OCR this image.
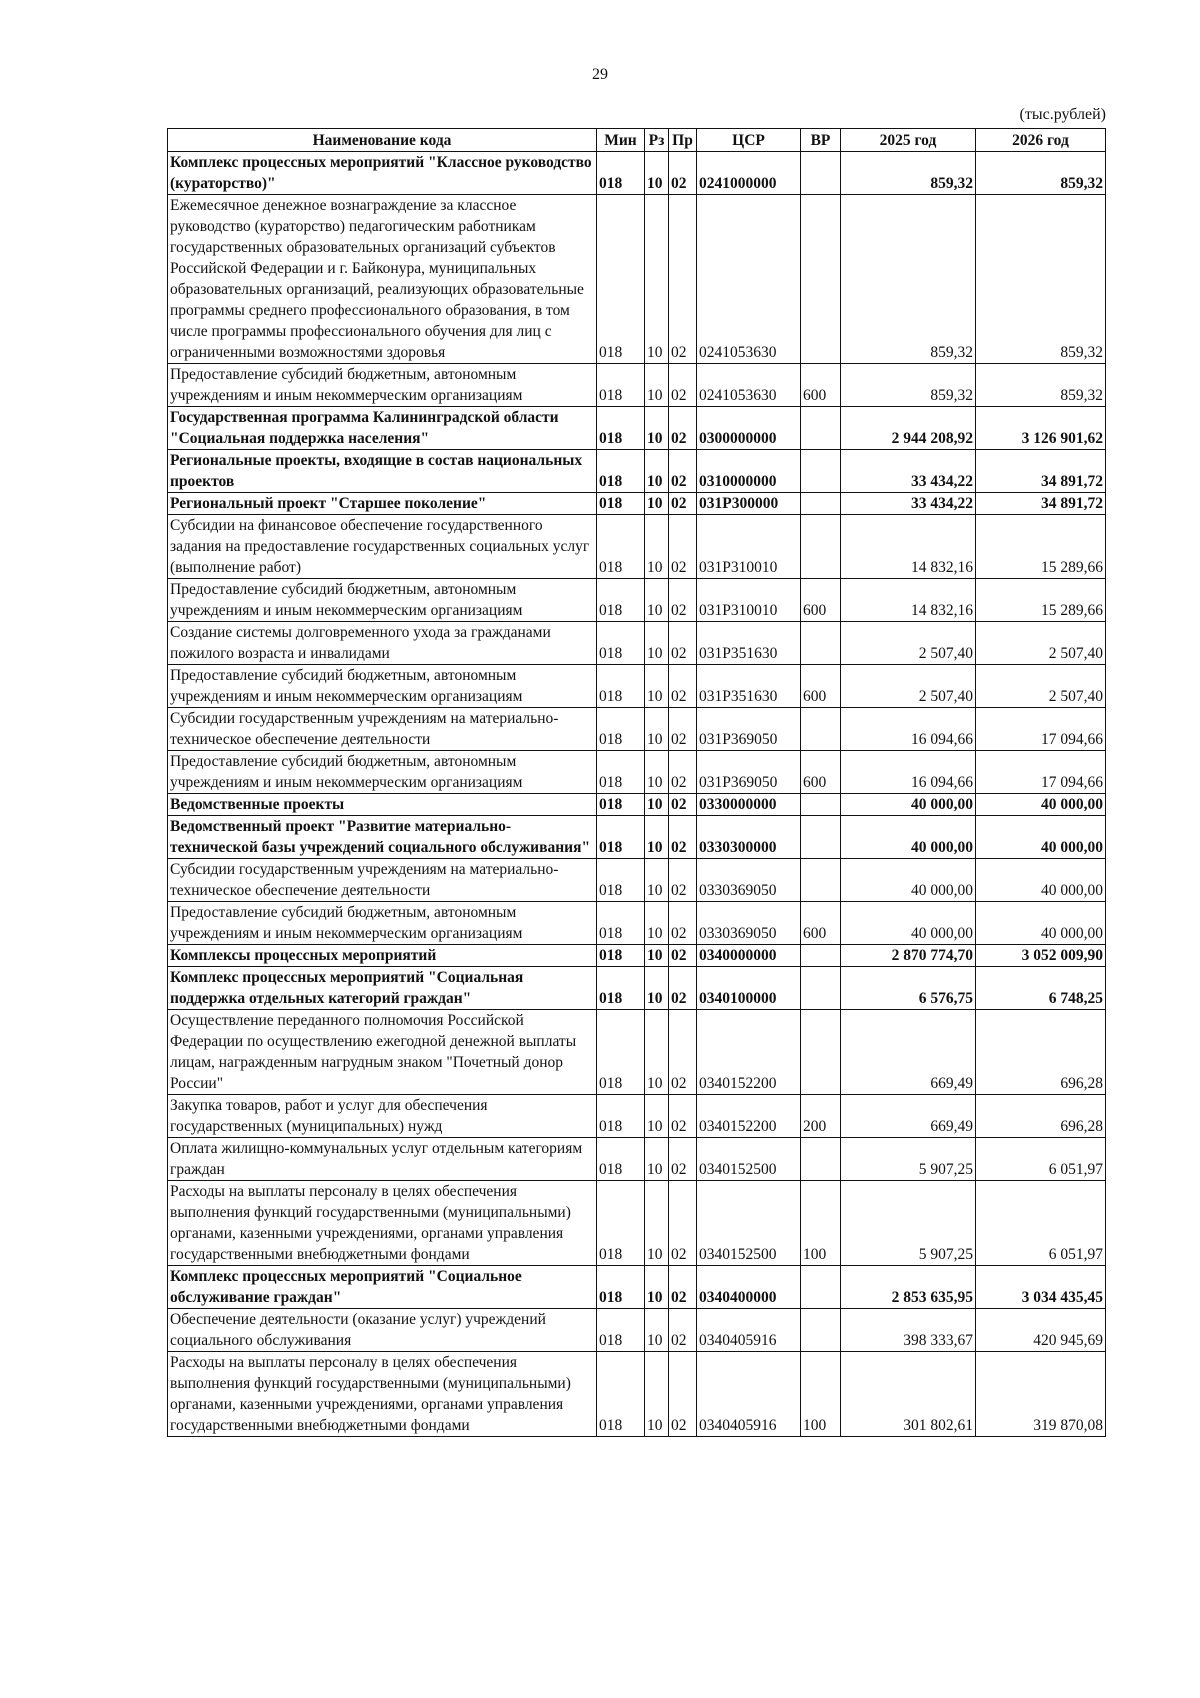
29
(тыс.рублей)
Наименование кода	Мин	Рз	Пр	ЦСР	ВР	2025 год	2026 год
Комплекс процессных мероприятий "Классное руководство (кураторство)"	018	10	02	0241000000		859,32	859,32
Ежемесячное денежное вознаграждение за классное руководство (кураторство) педагогическим работникам государственных образовательных организаций субъектов Российской Федерации и г. Байконура, муниципальных образовательных организаций, реализующих образовательные программы среднего профессионального образования, в том числе программы профессионального обучения для лиц с ограниченными возможностями здоровья	018	10	02	0241053630		859,32	859,32
Предоставление субсидий бюджетным, автономным учреждениям и иным некоммерческим организациям	018	10	02	0241053630	600	859,32	859,32
Государственная программа Калининградской области "Социальная поддержка населения"	018	10	02	0300000000		2 944 208,92	3 126 901,62
Региональные проекты, входящие в состав национальных проектов	018	10	02	0310000000		33 434,22	34 891,72
Региональный проект "Старшее поколение"	018	10	02	031P300000		33 434,22	34 891,72
Субсидии на финансовое обеспечение государственного задания на предоставление государственных социальных услуг (выполнение работ)	018	10	02	031P310010		14 832,16	15 289,66
Предоставление субсидий бюджетным, автономным учреждениям и иным некоммерческим организациям	018	10	02	031P310010	600	14 832,16	15 289,66
Создание системы долговременного ухода за гражданами пожилого возраста и инвалидами	018	10	02	031P351630		2 507,40	2 507,40
Предоставление субсидий бюджетным, автономным учреждениям и иным некоммерческим организациям	018	10	02	031P351630	600	2 507,40	2 507,40
Субсидии государственным учреждениям на материально-техническое обеспечение деятельности	018	10	02	031P369050		16 094,66	17 094,66
Предоставление субсидий бюджетным, автономным учреждениям и иным некоммерческим организациям	018	10	02	031P369050	600	16 094,66	17 094,66
Ведомственные проекты	018	10	02	0330000000		40 000,00	40 000,00
Ведомственный проект "Развитие материально-технической базы учреждений социального обслуживания"	018	10	02	0330300000		40 000,00	40 000,00
Субсидии государственным учреждениям на материально-техническое обеспечение деятельности	018	10	02	0330369050		40 000,00	40 000,00
Предоставление субсидий бюджетным, автономным учреждениям и иным некоммерческим организациям	018	10	02	0330369050	600	40 000,00	40 000,00
Комплексы процессных мероприятий	018	10	02	0340000000		2 870 774,70	3 052 009,90
Комплекс процессных мероприятий "Социальная поддержка отдельных категорий граждан"	018	10	02	0340100000		6 576,75	6 748,25
Осуществление переданного полномочия Российской Федерации по осуществлению ежегодной денежной выплаты лицам, награжденным нагрудным знаком "Почетный донор России"	018	10	02	0340152200		669,49	696,28
Закупка товаров, работ и услуг для обеспечения государственных (муниципальных) нужд	018	10	02	0340152200	200	669,49	696,28
Оплата жилищно-коммунальных услуг отдельным категориям граждан	018	10	02	0340152500		5 907,25	6 051,97
Расходы на выплаты персоналу в целях обеспечения выполнения функций государственными (муниципальными) органами, казенными учреждениями, органами управления государственными внебюджетными фондами	018	10	02	0340152500	100	5 907,25	6 051,97
Комплекс процессных мероприятий "Социальное обслуживание граждан"	018	10	02	0340400000		2 853 635,95	3 034 435,45
Обеспечение деятельности (оказание услуг) учреждений социального обслуживания	018	10	02	0340405916		398 333,67	420 945,69
Расходы на выплаты персоналу в целях обеспечения выполнения функций государственными (муниципальными) органами, казенными учреждениями, органами управления государственными внебюджетными фондами	018	10	02	0340405916	100	301 802,61	319 870,08
